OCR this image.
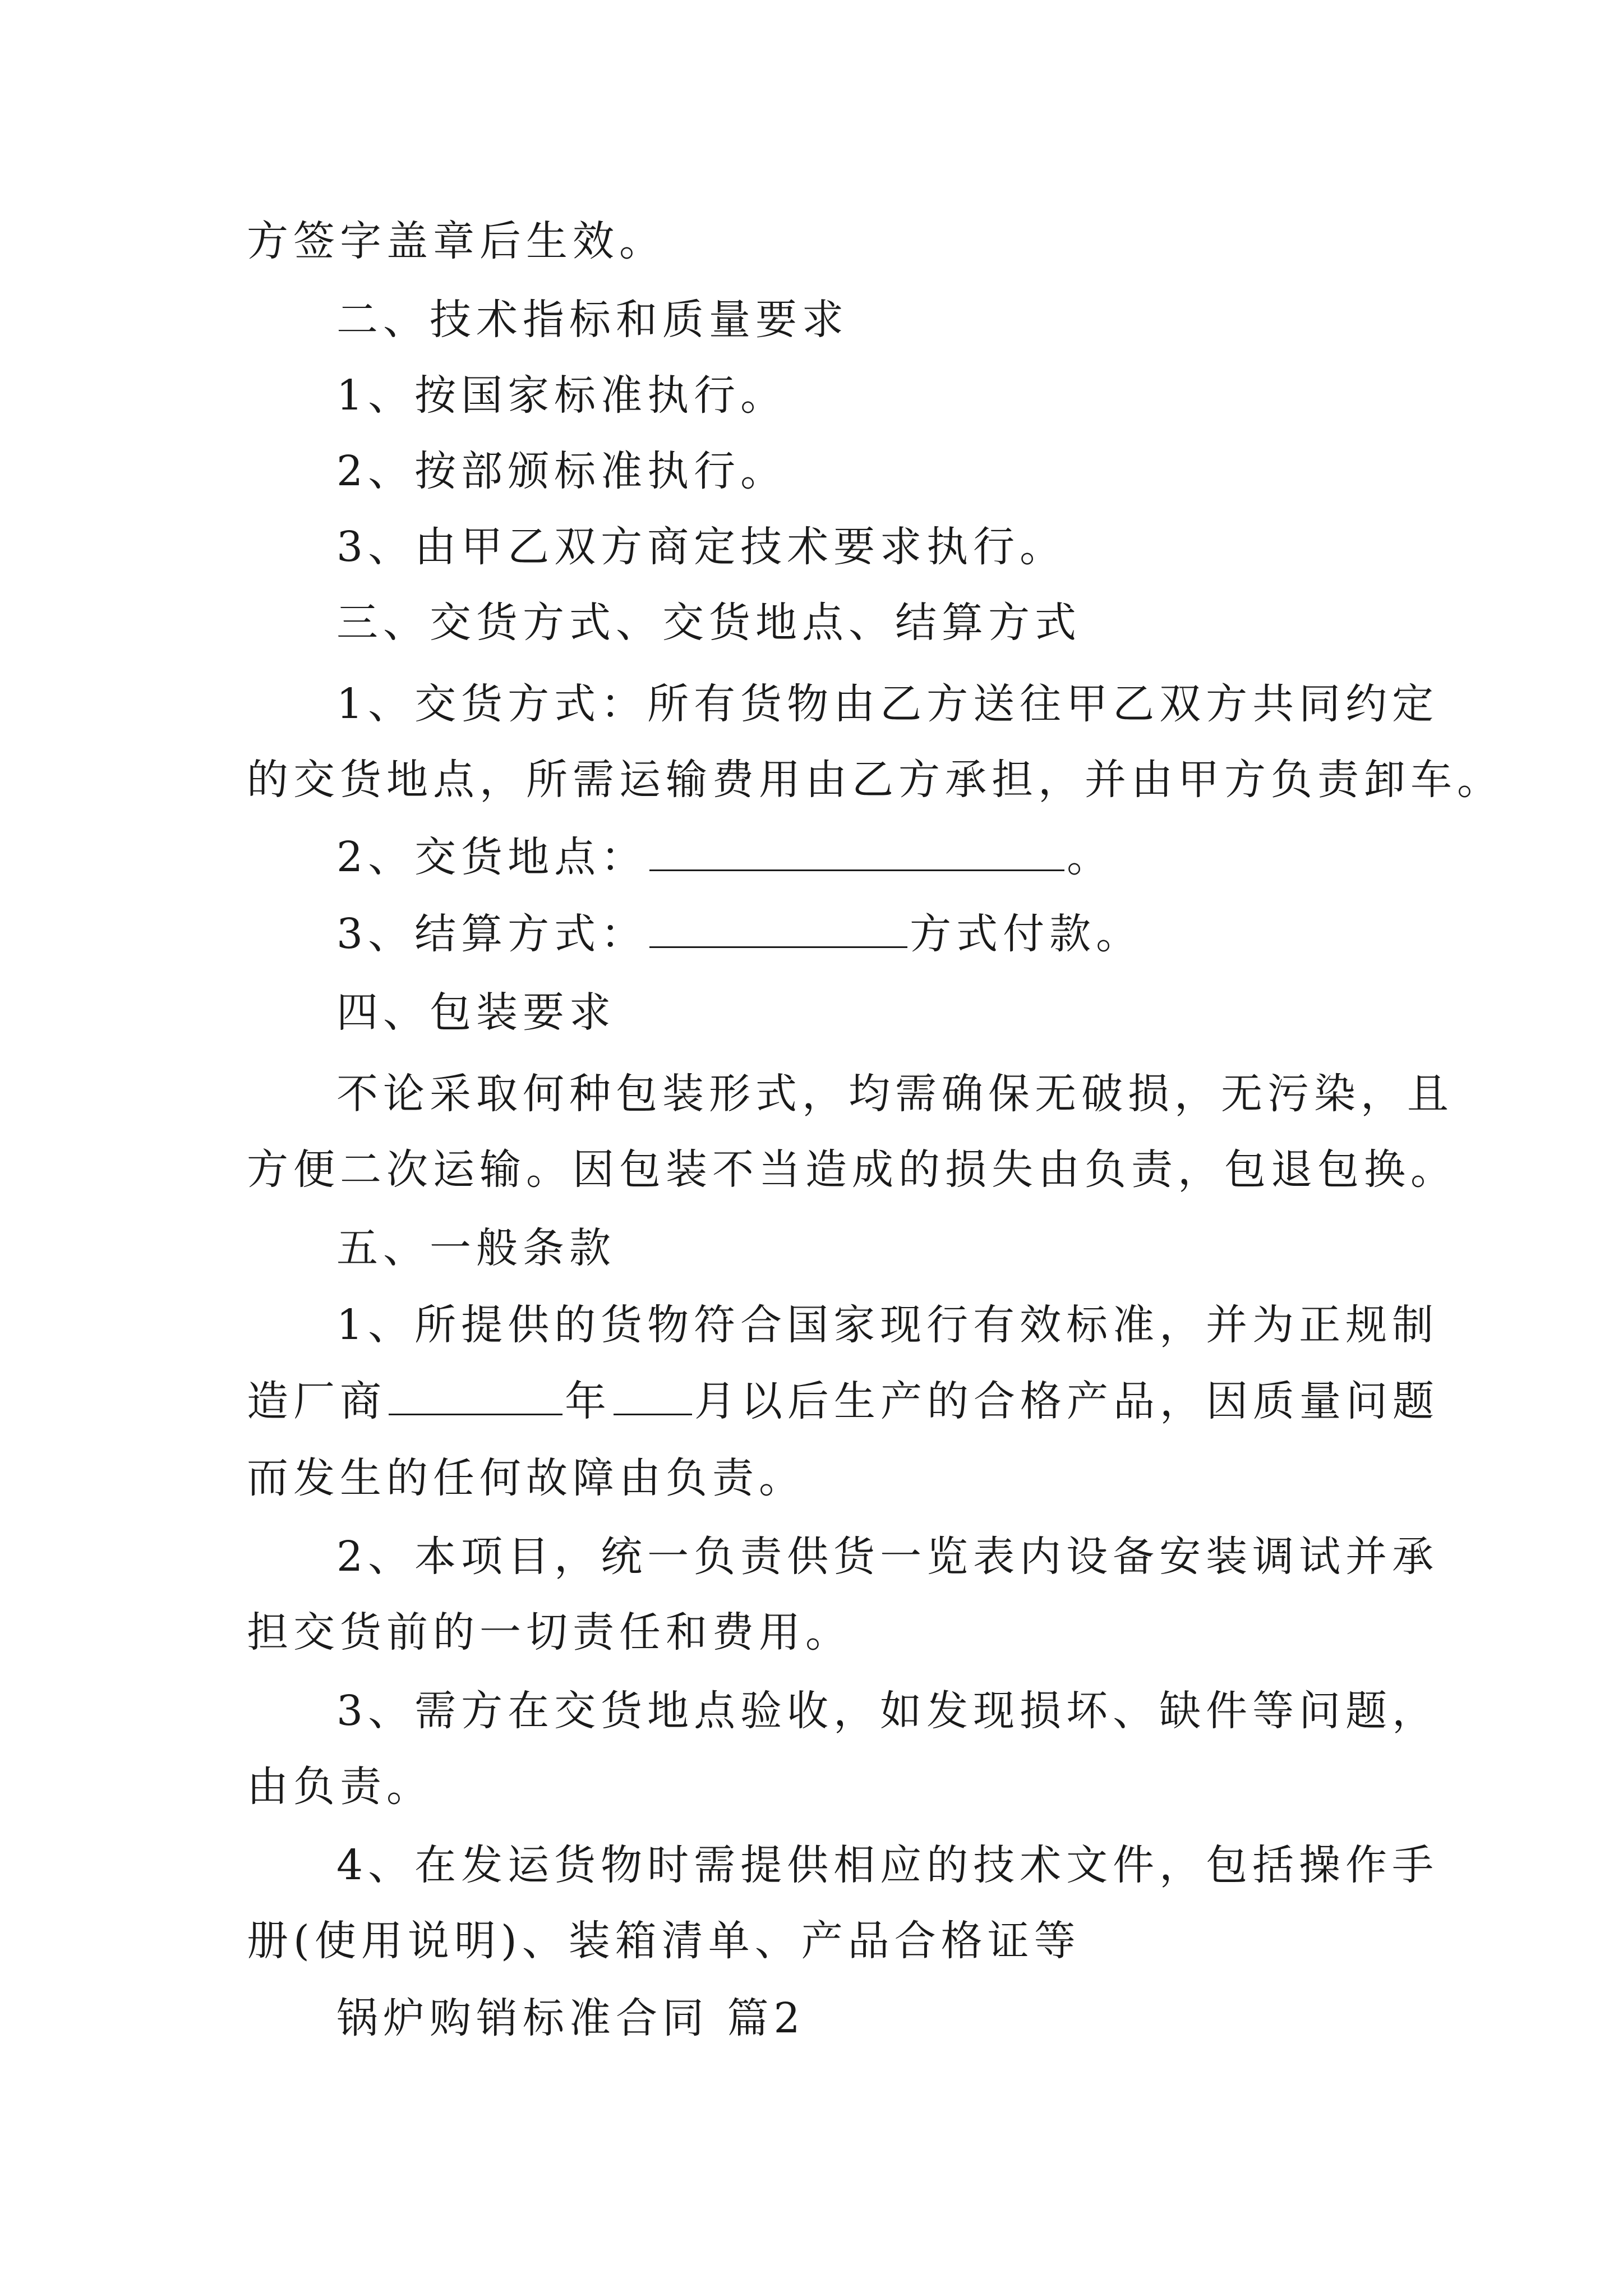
方签字盖章后生效。
二、技术指标和质量要求
1、按国家标准执行。
2、按部颁标准执行。
3、由甲乙双方商定技术要求执行。
三、交货方式、交货地点、结算方式
1、交货方式：所有货物由乙方送往甲乙双方共同约定
的交货地点，所需运输费用由乙方承担，并由甲方负责卸车。
2、交货地点：	。
3、结算方式：	方式付款。
四、包装要求
不论采取何种包装形式，均需确保无破损，无污染，且
方便二次运输。因包装不当造成的损失由负责，包退包换。
五、一般条款
1、所提供的货物符合国家现行有效标准，并为正规制
造厂商	年 月以后生产的合格产品，因质量问题
而发生的任何故障由负责。
2、本项目，统一负责供货一览表内设备安装调试并承
担交货前的一切责任和费用。
3、需方在交货地点验收，如发现损坏、缺件等问题，
由负责。
4、在发运货物时需提供相应的技术文件，包括操作手
册(使用说明)、装箱清单、产品合格证等
锅炉购销标准合同 篇2
